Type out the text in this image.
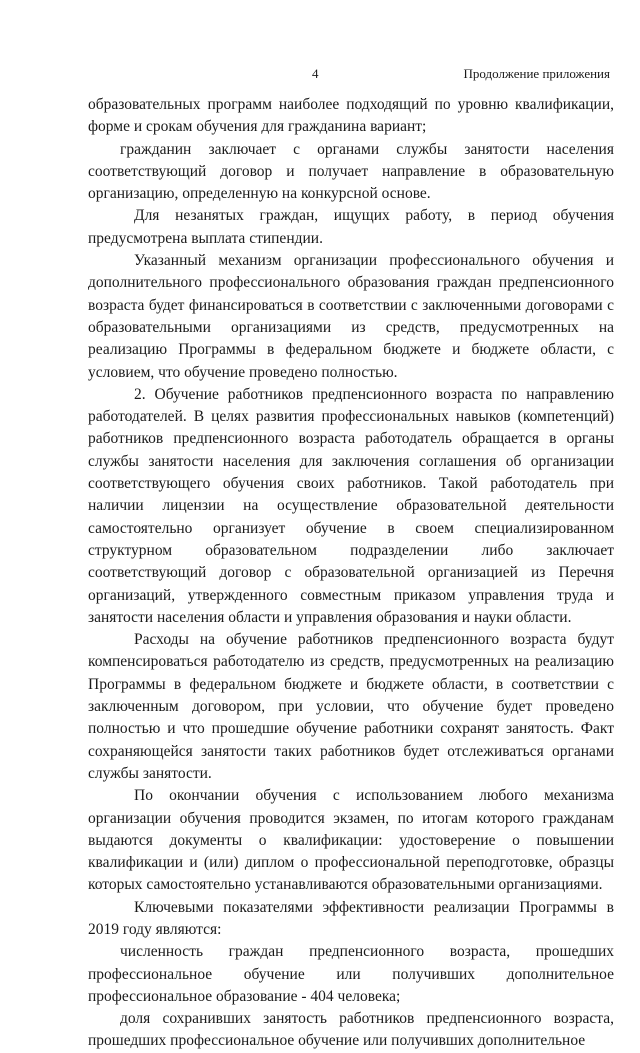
4	Продолжение приложения

образовательных программ наиболее подходящий по уровню квалификации, форме и срокам обучения для гражданина вариант;

гражданин заключает с органами службы занятости населения соответствующий договор и получает направление в образовательную организацию, определенную на конкурсной основе.

Для незанятых граждан, ищущих работу, в период обучения предусмотрена выплата стипендии.

Указанный механизм организации профессионального обучения и дополнительного профессионального образования граждан предпенсионного возраста будет финансироваться в соответствии с заключенными договорами с образовательными организациями из средств, предусмотренных на реализацию Программы в федеральном бюджете и бюджете области, с условием, что обучение проведено полностью.

2. Обучение работников предпенсионного возраста по направлению работодателей. В целях развития профессиональных навыков (компетенций) работников предпенсионного возраста работодатель обращается в органы службы занятости населения для заключения соглашения об организации соответствующего обучения своих работников. Такой работодатель при наличии лицензии на осуществление образовательной деятельности самостоятельно организует обучение в своем специализированном структурном образовательном подразделении либо заключает соответствующий договор с образовательной организацией из Перечня организаций, утвержденного совместным приказом управления труда и занятости населения области и управления образования и науки области.

Расходы на обучение работников предпенсионного возраста будут компенсироваться работодателю из средств, предусмотренных на реализацию Программы в федеральном бюджете и бюджете области, в соответствии с заключенным договором, при условии, что обучение будет проведено полностью и что прошедшие обучение работники сохранят занятость. Факт сохраняющейся занятости таких работников будет отслеживаться органами службы занятости.

По окончании обучения с использованием любого механизма организации обучения проводится экзамен, по итогам которого гражданам выдаются документы о квалификации: удостоверение о повышении квалификации и (или) диплом о профессиональной переподготовке, образцы которых самостоятельно устанавливаются образовательными организациями.

Ключевыми показателями эффективности реализации Программы в 2019 году являются:

численность граждан предпенсионного возраста, прошедших профессиональное обучение или получивших дополнительное профессиональное образование - 404 человека;

доля сохранивших занятость работников предпенсионного возраста, прошедших профессиональное обучение или получивших дополнительное
